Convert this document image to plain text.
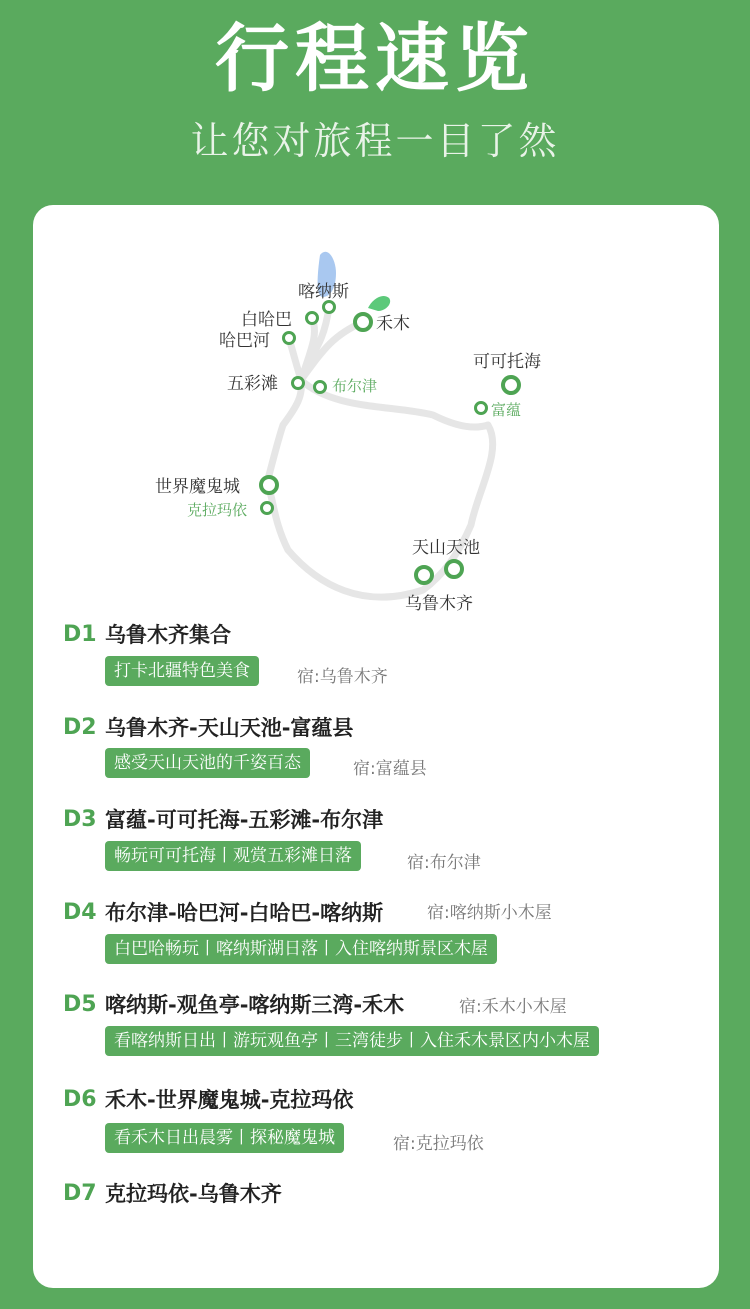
行程速览
让您对旅程一目了然
喀纳斯
白哈巴	禾木
哈巴河
五彩滩
可可托海
世界魔鬼城
天山天池
乌鲁木齐
布尔津
富蕴
克拉玛依
D1 乌鲁木齐集合
打卡北疆特色美食	宿:乌鲁木齐
D2 乌鲁木齐-天山天池-富蕴县
感受天山天池的千姿百态	宿:富蕴县
D3 富蕴-可可托海-五彩滩-布尔津
畅玩可可托海丨观赏五彩滩日落	宿:布尔津
D4 布尔津-哈巴河-白哈巴-喀纳斯	宿:喀纳斯小木屋
白巴哈畅玩丨喀纳斯湖日落丨入住喀纳斯景区木屋
D5 喀纳斯-观鱼亭-喀纳斯三湾-禾木	宿:禾木小木屋
看喀纳斯日出丨游玩观鱼亭丨三湾徒步丨入住禾木景区内小木屋
D6 禾木-世界魔鬼城-克拉玛依
看禾木日出晨雾丨探秘魔鬼城	宿:克拉玛依
D7 克拉玛依-乌鲁木齐
